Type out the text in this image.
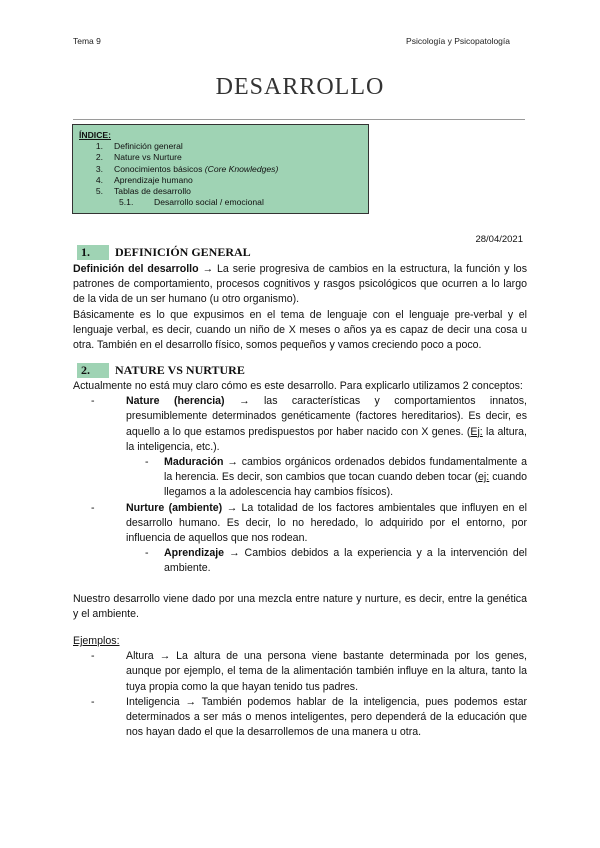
Tema 9	Psicología y Psicopatología
DESARROLLO
ÍNDICE:
1.	Definición general
2.	Nature vs Nurture
3.	Conocimientos básicos (Core Knowledges)
4.	Aprendizaje humano
5.	Tablas de desarrollo
5.1.	Desarrollo social / emocional
28/04/2021
1.	DEFINICIÓN GENERAL

Definición del desarrollo → La serie progresiva de cambios en la estructura, la función y los patrones de comportamiento, procesos cognitivos y rasgos psicológicos que ocurren a lo largo de la vida de un ser humano (u otro organismo).

Básicamente es lo que expusimos en el tema de lenguaje con el lenguaje pre-verbal y el lenguaje verbal, es decir, cuando un niño de X meses o años ya es capaz de decir una cosa u otra. También en el desarrollo físico, somos pequeños y vamos creciendo poco a poco.

2.	NATURE VS NURTURE

Actualmente no está muy claro cómo es este desarrollo. Para explicarlo utilizamos 2 conceptos:

-	Nature (herencia) → las características y comportamientos innatos, presumiblemente determinados genéticamente (factores hereditarios). Es decir, es aquello a lo que estamos predispuestos por haber nacido con X genes. (Ej: la altura, la inteligencia, etc.).
- Maduración → cambios orgánicos ordenados debidos fundamentalmente a la herencia. Es decir, son cambios que tocan cuando deben tocar (ej: cuando llegamos a la adolescencia hay cambios físicos).
-	Nurture (ambiente) → La totalidad de los factores ambientales que influyen en el desarrollo humano. Es decir, lo no heredado, lo adquirido por el entorno, por influencia de aquellos que nos rodean.
- Aprendizaje → Cambios debidos a la experiencia y a la intervención del ambiente.

Nuestro desarrollo viene dado por una mezcla entre nature y nurture, es decir, entre la genética y el ambiente.

Ejemplos:

-	Altura → La altura de una persona viene bastante determinada por los genes, aunque por ejemplo, el tema de la alimentación también influye en la altura, tanto la tuya propia como la que hayan tenido tus padres.
-	Inteligencia → También podemos hablar de la inteligencia, pues podemos estar determinados a ser más o menos inteligentes, pero dependerá de la educación que nos hayan dado el que la desarrollemos de una manera u otra.
